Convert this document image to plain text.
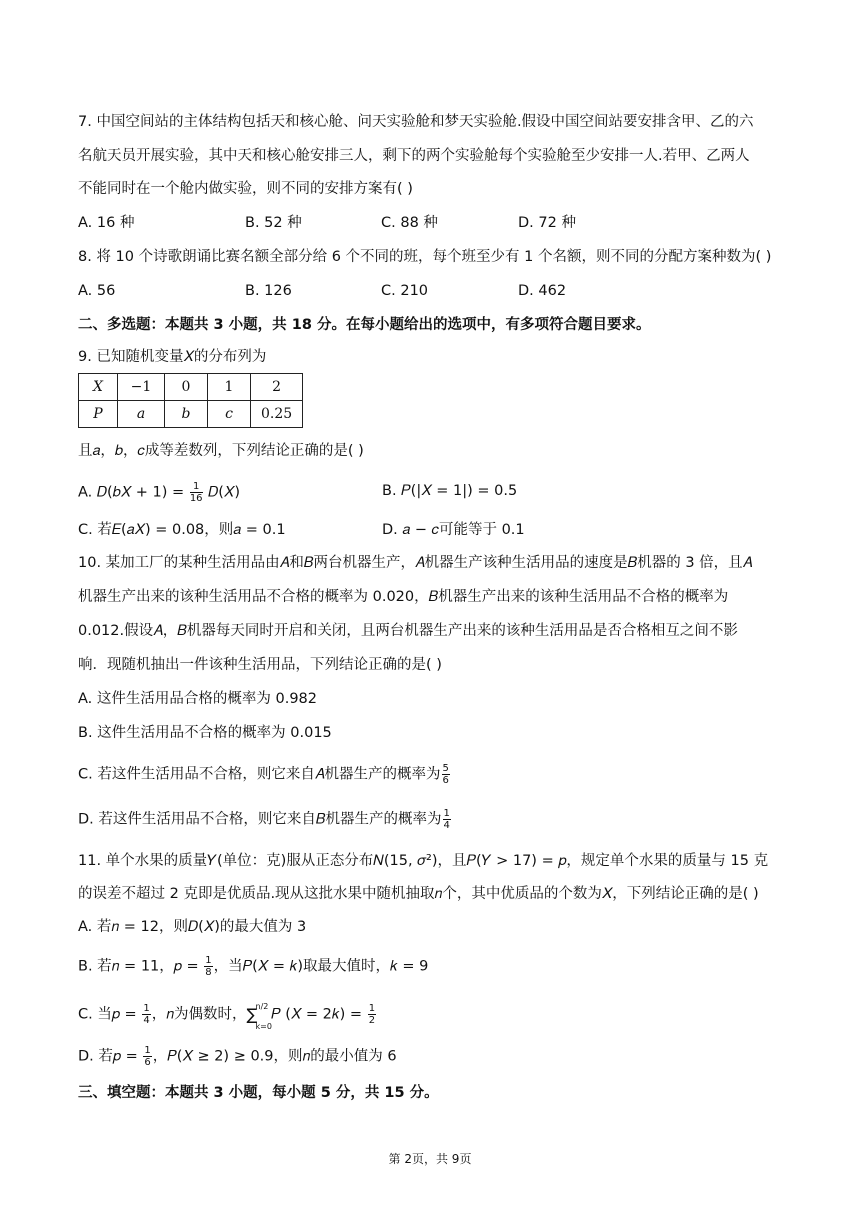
7. 中国空间站的主体结构包括天和核心舱、问天实验舱和梦天实验舱.假设中国空间站要安排含甲、乙的六
名航天员开展实验，其中天和核心舱安排三人，剩下的两个实验舱每个实验舱至少安排一人.若甲、乙两人
不能同时在一个舱内做实验，则不同的安排方案有( )
A. 16 种	B. 52 种	C. 88 种	D. 72 种
8. 将 10 个诗歌朗诵比赛名额全部分给 6 个不同的班，每个班至少有 1 个名额，则不同的分配方案种数为( )
A. 56	B. 126	C. 210	D. 462
二、多选题：本题共 3 小题，共 18 分。在每小题给出的选项中，有多项符合题目要求。
9. 已知随机变量𝑋的分布列为
X	−1	0	1	2
P	a	b	c	0.25
且𝑎，𝑏，𝑐成等差数列，下列结论正确的是( )
A. 𝐷(𝑏𝑋 + $1) = \frac{1}{16}$ 𝐷(𝑋)	B. 𝑃(|𝑋 = 1|) = 0.5
C. 若𝐸(𝑎𝑋) = 0.08，则𝑎 = 0.1	D. 𝑎 − 𝑐可能等于 0.1
10. 某加工厂的某种生活用品由𝐴和𝐵两台机器生产，𝐴机器生产该种生活用品的速度是𝐵机器的 3 倍，且𝐴
机器生产出来的该种生活用品不合格的概率为 0.020，𝐵机器生产出来的该种生活用品不合格的概率为
0.012.假设𝐴，𝐵机器每天同时开启和关闭，且两台机器生产出来的该种生活用品是否合格相互之间不影
响．现随机抽出一件该种生活用品，下列结论正确的是( )
A. 这件生活用品合格的概率为 0.982
B. 这件生活用品不合格的概率为 0.015
C. 若这件生活用品不合格，则它来自𝐴机器生产的概率为 $\frac{5}{6}$
D. 若这件生活用品不合格，则它来自𝐵机器生产的概率为 $\frac{1}{4}$
11. 单个水果的质量𝑌(单位：克)服从正态分布𝑁(15, 𝜎²)，且𝑃(𝑌 > 17) = 𝑝，规定单个水果的质量与 15 克
的误差不超过 2 克即是优质品.现从这批水果中随机抽取𝑛个，其中优质品的个数为𝑋，下列结论正确的是( )
A. 若𝑛 = 12，则𝐷(𝑋)的最大值为 3
B. 若𝑛 = 11，𝑝 = $\frac{1}{8}$ ，当𝑃(𝑋 = 𝑘)取最大值时，𝑘 = 9
C. 当𝑝 = $\frac{1}{4}$ ，𝑛为偶数时，∑
n/2
k=0
𝑃 (𝑋 = 2𝑘) = $\frac{1}{2}$
D. 若𝑝 = $\frac{1}{6}$ ，𝑃(𝑋 ≥ 2) ≥ 0.9，则𝑛的最小值为 6
三、填空题：本题共 3 小题，每小题 5 分，共 15 分。
第 2页，共 9页
